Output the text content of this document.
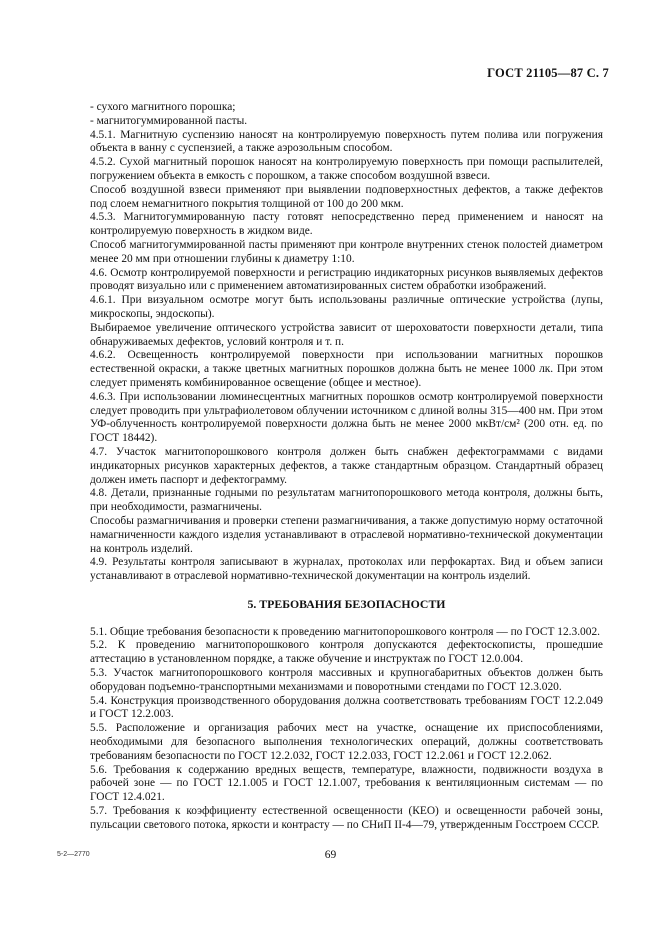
ГОСТ 21105—87 С. 7

- сухого магнитного порошка;

- магнитогуммированной пасты.

4.5.1. Магнитную суспензию наносят на контролируемую поверхность путем полива или погружения объекта в ванну с суспензией, а также аэрозольным способом.

4.5.2. Сухой магнитный порошок наносят на контролируемую поверхность при помощи распылителей, погружением объекта в емкость с порошком, а также способом воздушной взвеси.

Способ воздушной взвеси применяют при выявлении подповерхностных дефектов, а также дефектов под слоем немагнитного покрытия толщиной от 100 до 200 мкм.

4.5.3. Магнитогуммированную пасту готовят непосредственно перед применением и наносят на контролируемую поверхность в жидком виде.

Способ магнитогуммированной пасты применяют при контроле внутренних стенок полостей диаметром менее 20 мм при отношении глубины к диаметру 1:10.

4.6. Осмотр контролируемой поверхности и регистрацию индикаторных рисунков выявляемых дефектов проводят визуально или с применением автоматизированных систем обработки изображений.

4.6.1. При визуальном осмотре могут быть использованы различные оптические устройства (лупы, микроскопы, эндоскопы).

Выбираемое увеличение оптического устройства зависит от шероховатости поверхности детали, типа обнаруживаемых дефектов, условий контроля и т. п.

4.6.2. Освещенность контролируемой поверхности при использовании магнитных порошков естественной окраски, а также цветных магнитных порошков должна быть не менее 1000 лк. При этом следует применять комбинированное освещение (общее и местное).

4.6.3. При использовании люминесцентных магнитных порошков осмотр контролируемой поверхности следует проводить при ультрафиолетовом облучении источником с длиной волны 315—400 нм. При этом УФ-облученность контролируемой поверхности должна быть не менее 2000 мкВт/см² (200 отн. ед. по ГОСТ 18442).

4.7. Участок магнитопорошкового контроля должен быть снабжен дефектограммами с видами индикаторных рисунков характерных дефектов, а также стандартным образцом. Стандартный образец должен иметь паспорт и дефектограмму.

4.8. Детали, признанные годными по результатам магнитопорошкового метода контроля, должны быть, при необходимости, размагничены.

Способы размагничивания и проверки степени размагничивания, а также допустимую норму остаточной намагниченности каждого изделия устанавливают в отраслевой нормативно-технической документации на контроль изделий.

4.9. Результаты контроля записывают в журналах, протоколах или перфокартах. Вид и объем записи устанавливают в отраслевой нормативно-технической документации на контроль изделий.

5. ТРЕБОВАНИЯ БЕЗОПАСНОСТИ

5.1. Общие требования безопасности к проведению магнитопорошкового контроля — по ГОСТ 12.3.002.

5.2. К проведению магнитопорошкового контроля допускаются дефектоскописты, прошедшие аттестацию в установленном порядке, а также обучение и инструктаж по ГОСТ 12.0.004.

5.3. Участок магнитопорошкового контроля массивных и крупногабаритных объектов должен быть оборудован подъемно-транспортными механизмами и поворотными стендами по ГОСТ 12.3.020.

5.4. Конструкция производственного оборудования должна соответствовать требованиям ГОСТ 12.2.049 и ГОСТ 12.2.003.

5.5. Расположение и организация рабочих мест на участке, оснащение их приспособлениями, необходимыми для безопасного выполнения технологических операций, должны соответствовать требованиям безопасности по ГОСТ 12.2.032, ГОСТ 12.2.033, ГОСТ 12.2.061 и ГОСТ 12.2.062.

5.6. Требования к содержанию вредных веществ, температуре, влажности, подвижности воздуха в рабочей зоне — по ГОСТ 12.1.005 и ГОСТ 12.1.007, требования к вентиляционным системам — по ГОСТ 12.4.021.

5.7. Требования к коэффициенту естественной освещенности (КЕО) и освещенности рабочей зоны, пульсации светового потока, яркости и контрасту — по СНиП II-4—79, утвержденным Госстроем СССР.

5-2—2770	69
